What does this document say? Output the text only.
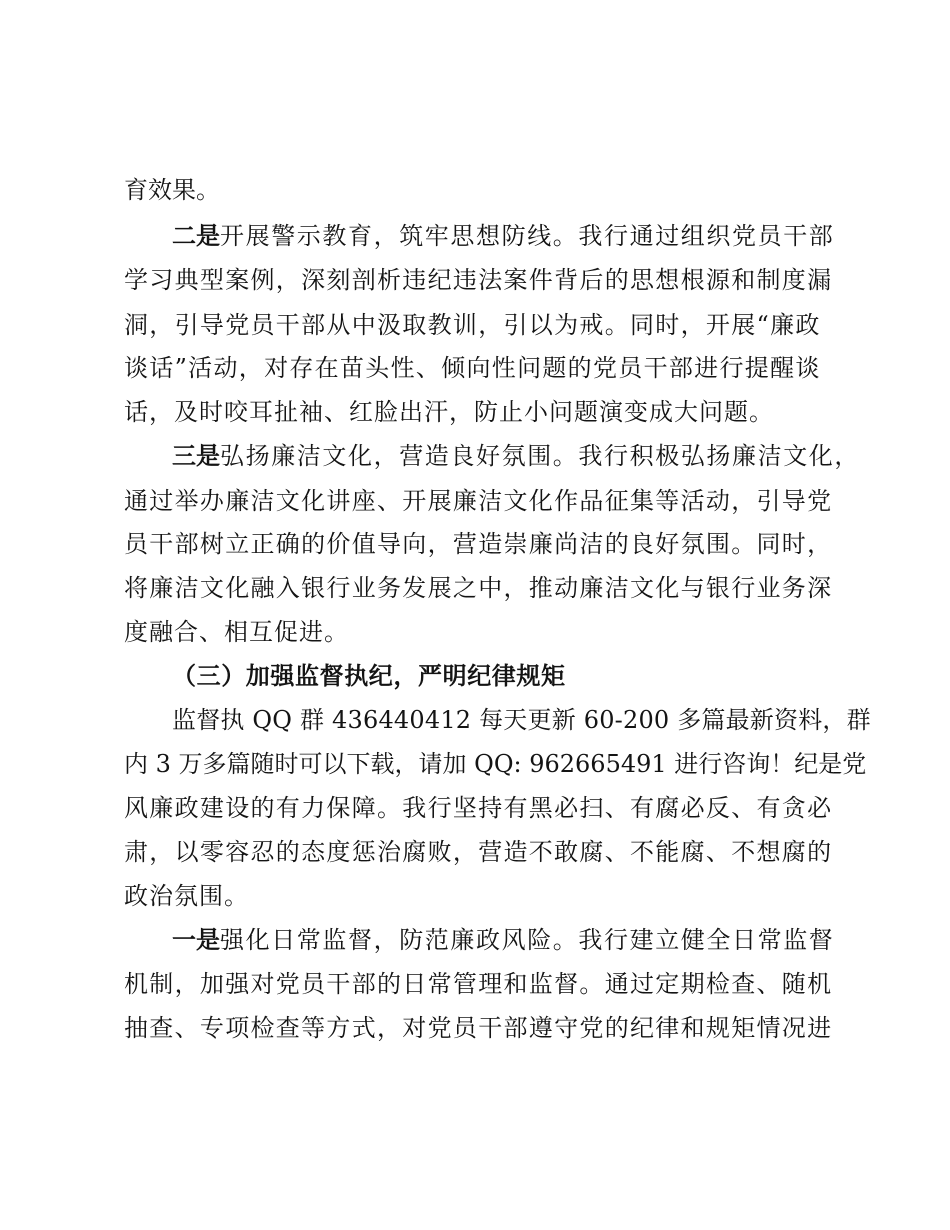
育效果。

二是

开展警示教育，筑牢思想防线。我行通过组织党员干部

学习典型案例，深刻剖析违纪违法案件背后的思想根源和制度漏

洞，引导党员干部从中汲取教训，引以为戒。同时，开展“廉政

谈话”活动，对存在苗头性、倾向性问题的党员干部进行提醒谈

话，及时咬耳扯袖、红脸出汗，防止小问题演变成大问题。

三是

弘扬廉洁文化，营造良好氛围。我行积极弘扬廉洁文化，

通过举办廉洁文化讲座、开展廉洁文化作品征集等活动，引导党

员干部树立正确的价值导向，营造崇廉尚洁的良好氛围。同时，

将廉洁文化融入银行业务发展之中，推动廉洁文化与银行业务深

度融合、相互促进。

（三）加强监督执纪，严明纪律规矩

监督执 QQ 群 436440412 每天更新 60-200 多篇最新资料，群

内 3 万多篇随时可以下载，请加 QQ: 962665491 进行咨询！纪是党

风廉政建设的有力保障。我行坚持有黑必扫、有腐必反、有贪必

肃，以零容忍的态度惩治腐败，营造不敢腐、不能腐、不想腐的

政治氛围。

一是

强化日常监督，防范廉政风险。我行建立健全日常监督

机制，加强对党员干部的日常管理和监督。通过定期检查、随机

抽查、专项检查等方式，对党员干部遵守党的纪律和规矩情况进
